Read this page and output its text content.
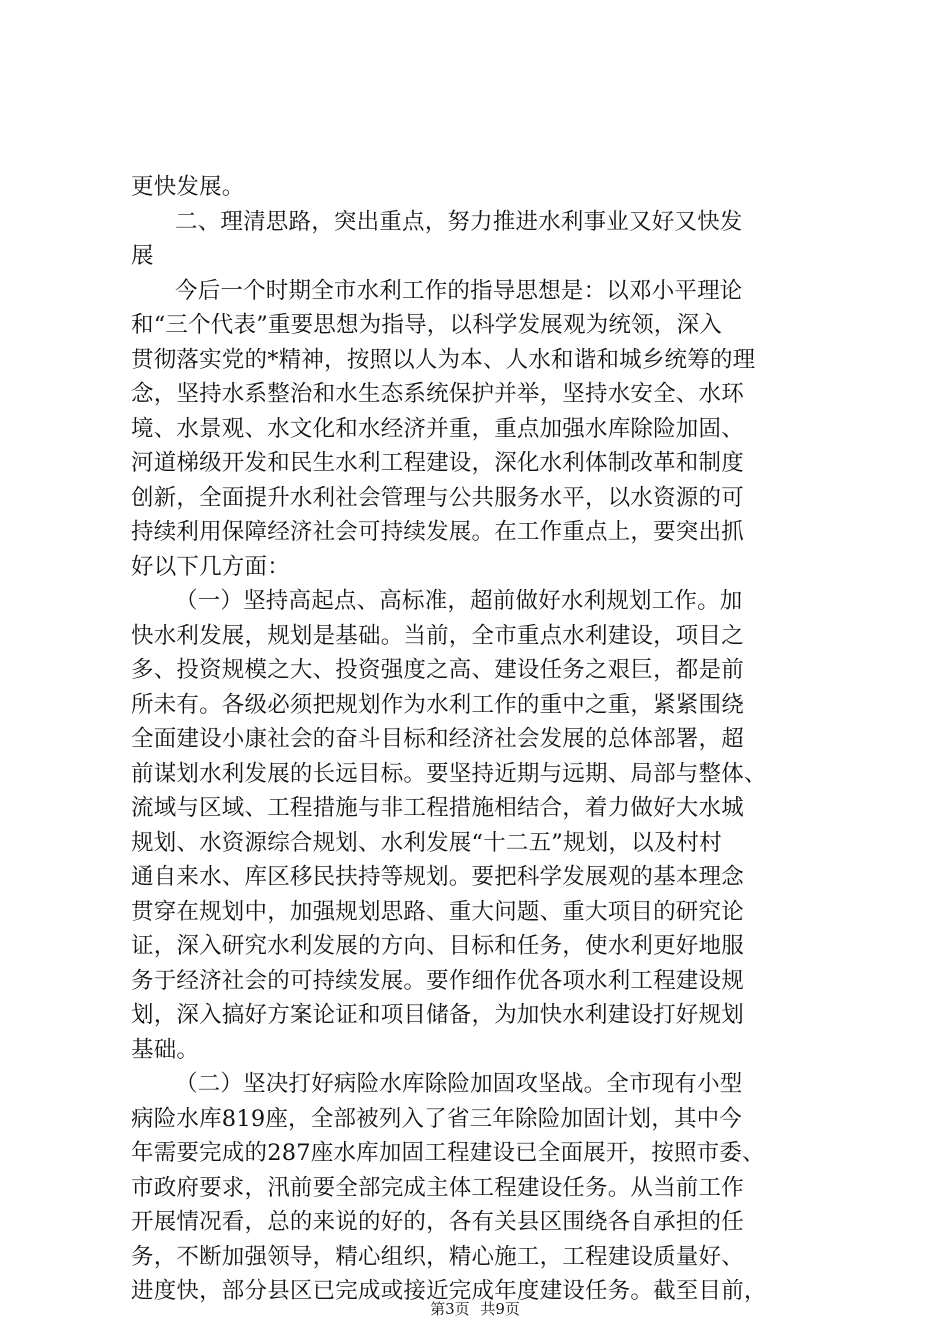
更快发展。
二、理清思路，突出重点，努力推进水利事业又好又快发
展
今后一个时期全市水利工作的指导思想是：以邓小平理论
和“三个代表”重要思想为指导，以科学发展观为统领，深入
贯彻落实党的*精神，按照以人为本、人水和谐和城乡统筹的理
念，坚持水系整治和水生态系统保护并举，坚持水安全、水环
境、水景观、水文化和水经济并重，重点加强水库除险加固、
河道梯级开发和民生水利工程建设，深化水利体制改革和制度
创新，全面提升水利社会管理与公共服务水平，以水资源的可
持续利用保障经济社会可持续发展。在工作重点上，要突出抓
好以下几方面：
（一）坚持高起点、高标准，超前做好水利规划工作。加
快水利发展，规划是基础。当前，全市重点水利建设，项目之
多、投资规模之大、投资强度之高、建设任务之艰巨，都是前
所未有。各级必须把规划作为水利工作的重中之重，紧紧围绕
全面建设小康社会的奋斗目标和经济社会发展的总体部署，超
前谋划水利发展的长远目标。要坚持近期与远期、局部与整体、
流域与区域、工程措施与非工程措施相结合，着力做好大水城
规划、水资源综合规划、水利发展“十二五”规划，以及村村
通自来水、库区移民扶持等规划。要把科学发展观的基本理念
贯穿在规划中，加强规划思路、重大问题、重大项目的研究论
证，深入研究水利发展的方向、目标和任务，使水利更好地服
务于经济社会的可持续发展。要作细作优各项水利工程建设规
划，深入搞好方案论证和项目储备，为加快水利建设打好规划
基础。
（二）坚决打好病险水库除险加固攻坚战。全市现有小型
病险水库819座，全部被列入了省三年除险加固计划，其中今
年需要完成的287座水库加固工程建设已全面展开，按照市委、
市政府要求，汛前要全部完成主体工程建设任务。从当前工作
开展情况看，总的来说的好的，各有关县区围绕各自承担的任
务，不断加强领导，精心组织，精心施工，工程建设质量好、
进度快，部分县区已完成或接近完成年度建设任务。截至目前，
第3页 共9页
